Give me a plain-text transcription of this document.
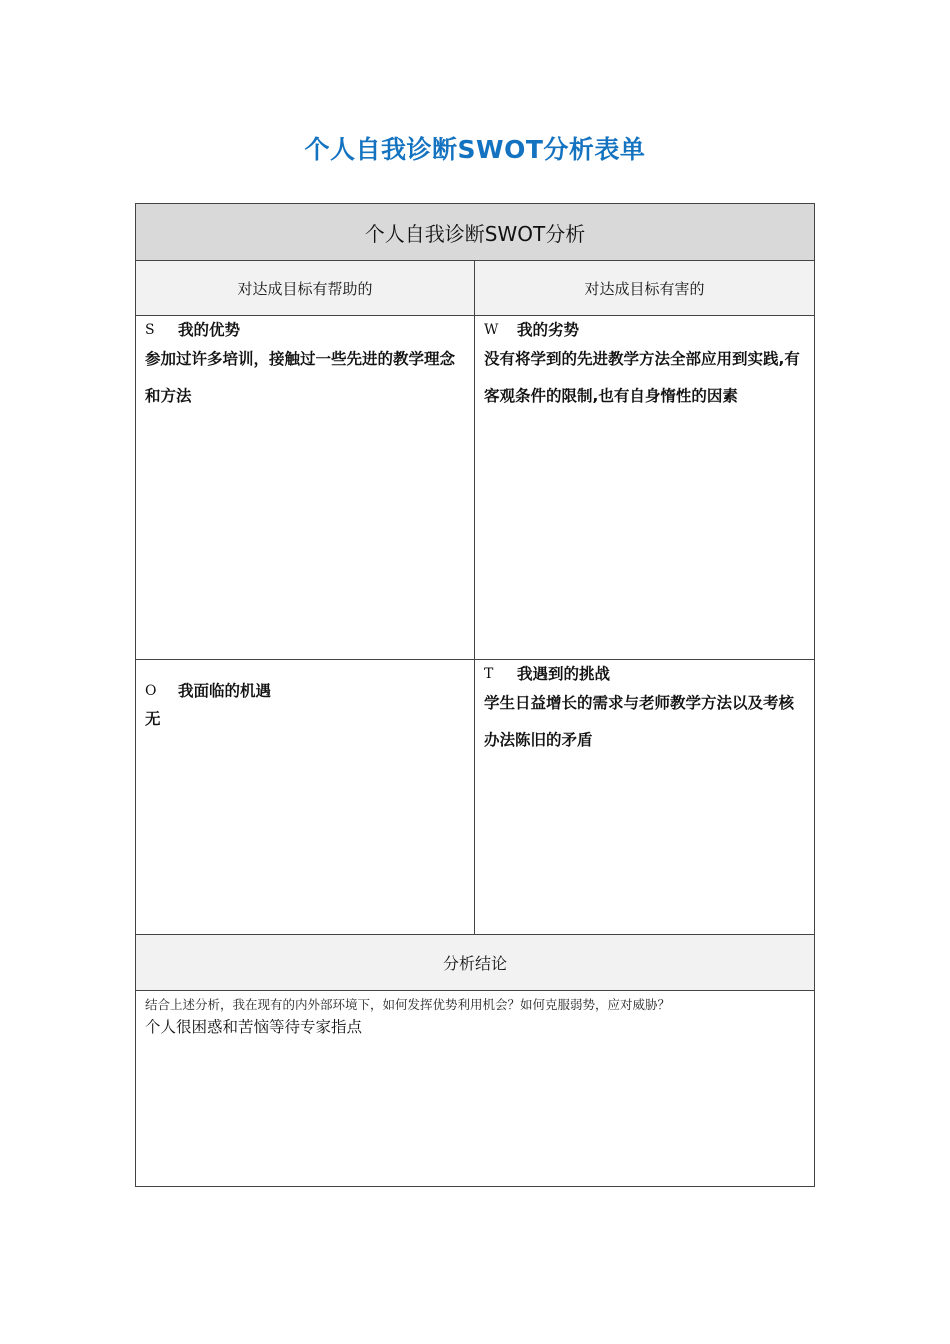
个人自我诊断SWOT分析表单
个人自我诊断SWOT分析
对达成目标有帮助的	对达成目标有害的
S	我的优势
参加过许多培训，接触过一些先进的教学理念和方法
W	我的劣势
没有将学到的先进教学方法全部应用到实践,有客观条件的限制,也有自身惰性的因素
O	我面临的机遇
无
T	我遇到的挑战
学生日益增长的需求与老师教学方法以及考核办法陈旧的矛盾
分析结论
结合上述分析，我在现有的内外部环境下，如何发挥优势利用机会？如何克服弱势，应对威胁？
个人很困惑和苦恼等待专家指点
